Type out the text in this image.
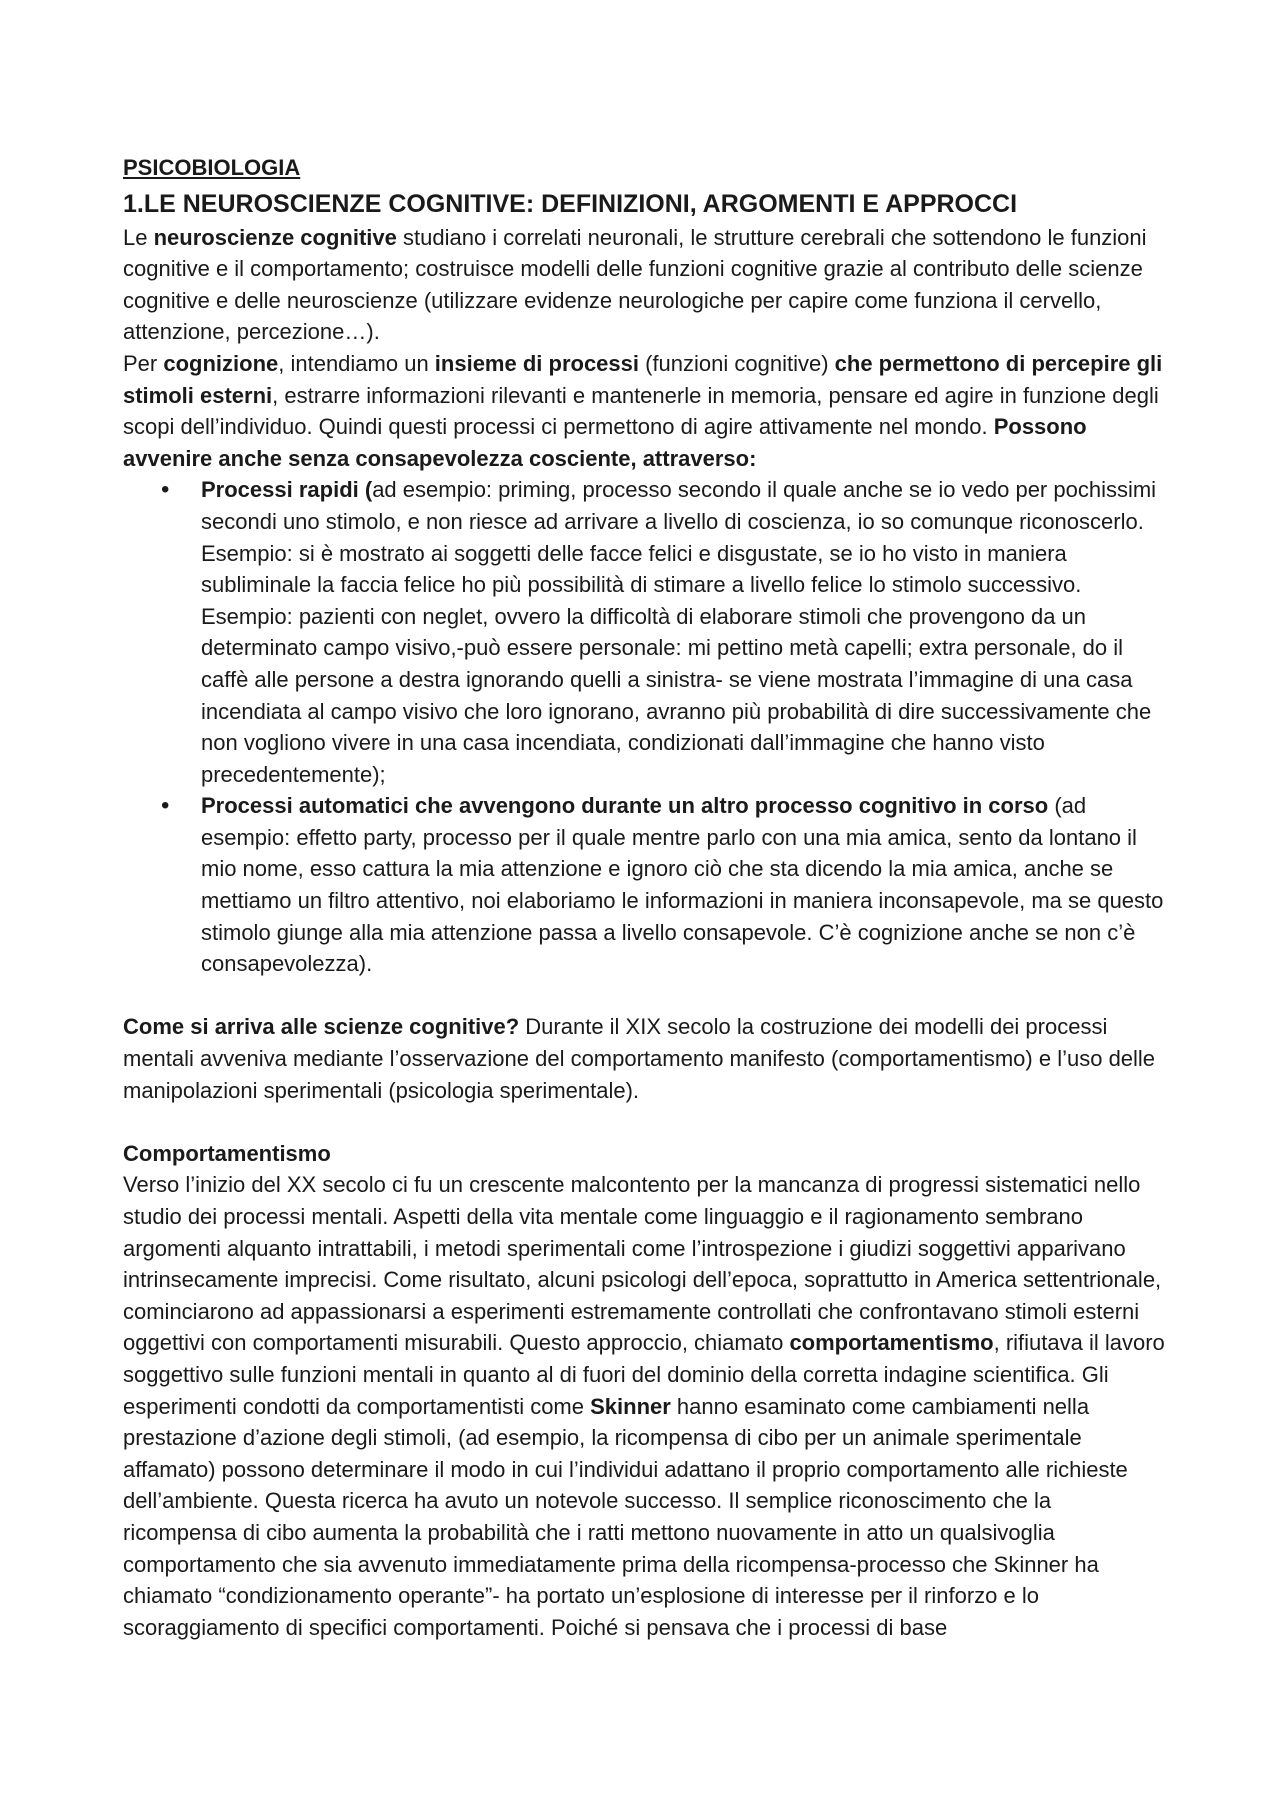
PSICOBIOLOGIA

1.LE NEUROSCIENZE COGNITIVE: DEFINIZIONI, ARGOMENTI E APPROCCI

Le neuroscienze cognitive studiano i correlati neuronali, le strutture cerebrali che sottendono le funzioni cognitive e il comportamento; costruisce modelli delle funzioni cognitive grazie al contributo delle scienze cognitive e delle neuroscienze (utilizzare evidenze neurologiche per capire come funziona il cervello, attenzione, percezione…).

Per cognizione, intendiamo un insieme di processi (funzioni cognitive) che permettono di percepire gli stimoli esterni, estrarre informazioni rilevanti e mantenerle in memoria, pensare ed agire in funzione degli scopi dell’individuo. Quindi questi processi ci permettono di agire attivamente nel mondo. Possono avvenire anche senza consapevolezza cosciente, attraverso:

• Processi rapidi (ad esempio: priming, processo secondo il quale anche se io vedo per pochissimi secondi uno stimolo, e non riesce ad arrivare a livello di coscienza, io so comunque riconoscerlo. Esempio: si è mostrato ai soggetti delle facce felici e disgustate, se io ho visto in maniera subliminale la faccia felice ho più possibilità di stimare a livello felice lo stimolo successivo. Esempio: pazienti con neglet, ovvero la difficoltà di elaborare stimoli che provengono da un determinato campo visivo,-può essere personale: mi pettino metà capelli; extra personale, do il caffè alle persone a destra ignorando quelli a sinistra- se viene mostrata l’immagine di una casa incendiata al campo visivo che loro ignorano, avranno più probabilità di dire successivamente che non vogliono vivere in una casa incendiata, condizionati dall’immagine che hanno visto precedentemente);
• Processi automatici che avvengono durante un altro processo cognitivo in corso (ad esempio: effetto party, processo per il quale mentre parlo con una mia amica, sento da lontano il mio nome, esso cattura la mia attenzione e ignoro ciò che sta dicendo la mia amica, anche se mettiamo un filtro attentivo, noi elaboriamo le informazioni in maniera inconsapevole, ma se questo stimolo giunge alla mia attenzione passa a livello consapevole. C’è cognizione anche se non c’è consapevolezza).

Come si arriva alle scienze cognitive? Durante il XIX secolo la costruzione dei modelli dei processi mentali avveniva mediante l’osservazione del comportamento manifesto (comportamentismo) e l’uso delle manipolazioni sperimentali (psicologia sperimentale).

Comportamentismo

Verso l’inizio del XX secolo ci fu un crescente malcontento per la mancanza di progressi sistematici nello studio dei processi mentali. Aspetti della vita mentale come linguaggio e il ragionamento sembrano argomenti alquanto intrattabili, i metodi sperimentali come l’introspezione i giudizi soggettivi apparivano intrinsecamente imprecisi. Come risultato, alcuni psicologi dell’epoca, soprattutto in America settentrionale, cominciarono ad appassionarsi a esperimenti estremamente controllati che confrontavano stimoli esterni oggettivi con comportamenti misurabili. Questo approccio, chiamato comportamentismo, rifiutava il lavoro soggettivo sulle funzioni mentali in quanto al di fuori del dominio della corretta indagine scientifica. Gli esperimenti condotti da comportamentisti come Skinner hanno esaminato come cambiamenti nella prestazione d’azione degli stimoli, (ad esempio, la ricompensa di cibo per un animale sperimentale affamato) possono determinare il modo in cui l’individui adattano il proprio comportamento alle richieste dell’ambiente. Questa ricerca ha avuto un notevole successo. Il semplice riconoscimento che la ricompensa di cibo aumenta la probabilità che i ratti mettono nuovamente in atto un qualsivoglia comportamento che sia avvenuto immediatamente prima della ricompensa-processo che Skinner ha chiamato “condizionamento operante”- ha portato un’esplosione di interesse per il rinforzo e lo scoraggiamento di specifici comportamenti. Poiché si pensava che i processi di base
